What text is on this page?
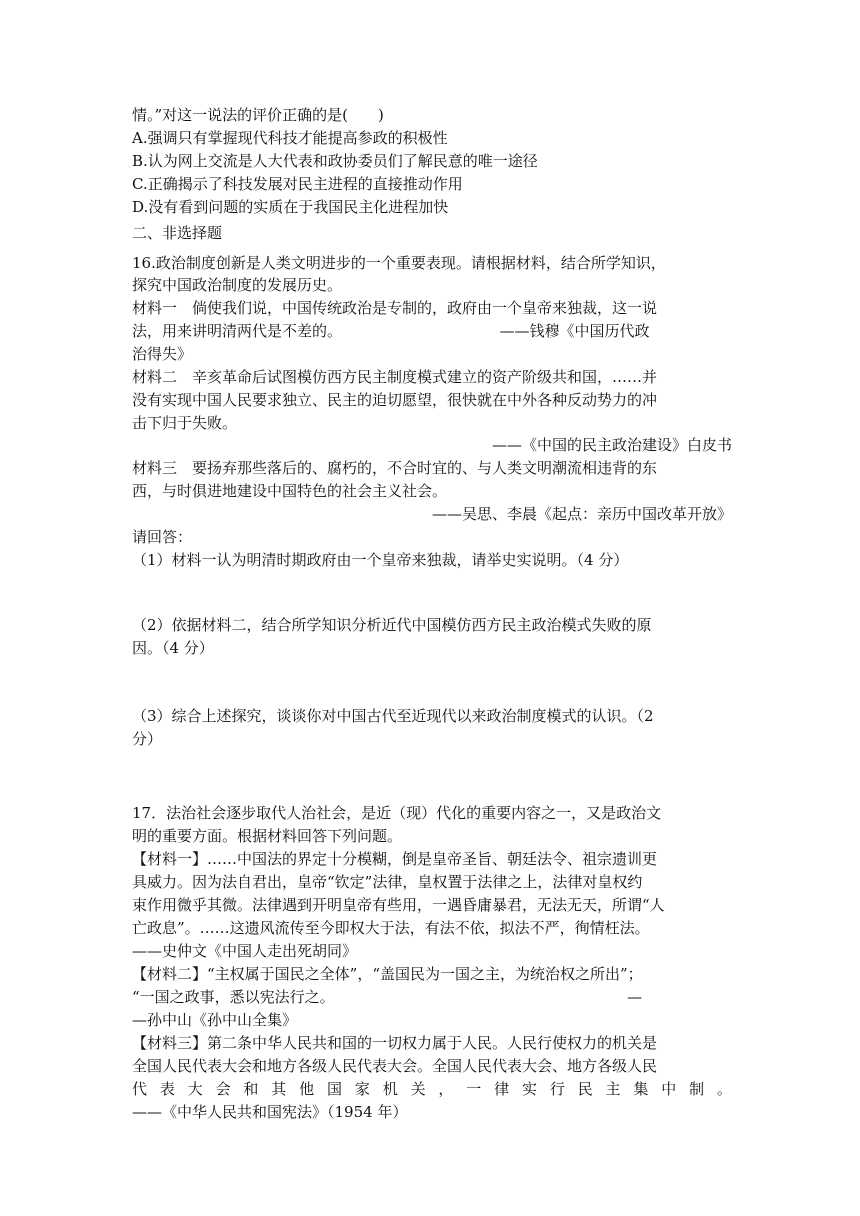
情。”对这一说法的评价正确的是(　　)
A.强调只有掌握现代科技才能提高参政的积极性
B.认为网上交流是人大代表和政协委员们了解民意的唯一途径
C.正确揭示了科技发展对民主进程的直接推动作用
D.没有看到问题的实质在于我国民主化进程加快
二、非选择题
16.政治制度创新是人类文明进步的一个重要表现。请根据材料，结合所学知识，
探究中国政治制度的发展历史。
材料一　倘使我们说，中国传统政治是专制的，政府由一个皇帝来独裁，这一说
法，用来讲明清两代是不差的。　　　　　　　　　　　——钱穆《中国历代政
治得失》
材料二　辛亥革命后试图模仿西方民主制度模式建立的资产阶级共和国，……并
没有实现中国人民要求独立、民主的迫切愿望，很快就在中外各种反动势力的冲
击下归于失败。
——《中国的民主政治建设》白皮书　　　
材料三　要扬弃那些落后的、腐朽的，不合时宜的、与人类文明潮流相违背的东
西，与时俱进地建设中国特色的社会主义社会。
——吴思、李晨《起点：亲历中国改革开放》
请回答：
（1）材料一认为明清时期政府由一个皇帝来独裁，请举史实说明。（4 分）
（2）依据材料二，结合所学知识分析近代中国模仿西方民主政治模式失败的原
因。（4 分）
（3）综合上述探究，谈谈你对中国古代至近现代以来政治制度模式的认识。（2
分）
17．法治社会逐步取代人治社会，是近（现）代化的重要内容之一，又是政治文
明的重要方面。根据材料回答下列问题。
【材料一】……中国法的界定十分模糊，倒是皇帝圣旨、朝廷法令、祖宗遗训更
具威力。因为法自君出，皇帝“钦定”法律，皇权置于法律之上，法律对皇权约
束作用微乎其微。法律遇到开明皇帝有些用，一遇昏庸暴君，无法无天，所谓“人
亡政息”。……这遗风流传至今即权大于法，有法不依，拟法不严，徇情枉法。
——史仲文《中国人走出死胡同》
【材料二】“主权属于国民之全体”，“盖国民为一国之主，为统治权之所出”；
“一国之政事，悉以宪法行之。　　　　　　　　　　　　　　　　　　　　—
—孙中山《孙中山全集》
【材料三】第二条中华人民共和国的一切权力属于人民。人民行使权力的机关是
全国人民代表大会和地方各级人民代表大会。全国人民代表大会、地方各级人民
代表大会和其他国家机关，一律实行民主集中制。
——《中华人民共和国宪法》（1954 年）
